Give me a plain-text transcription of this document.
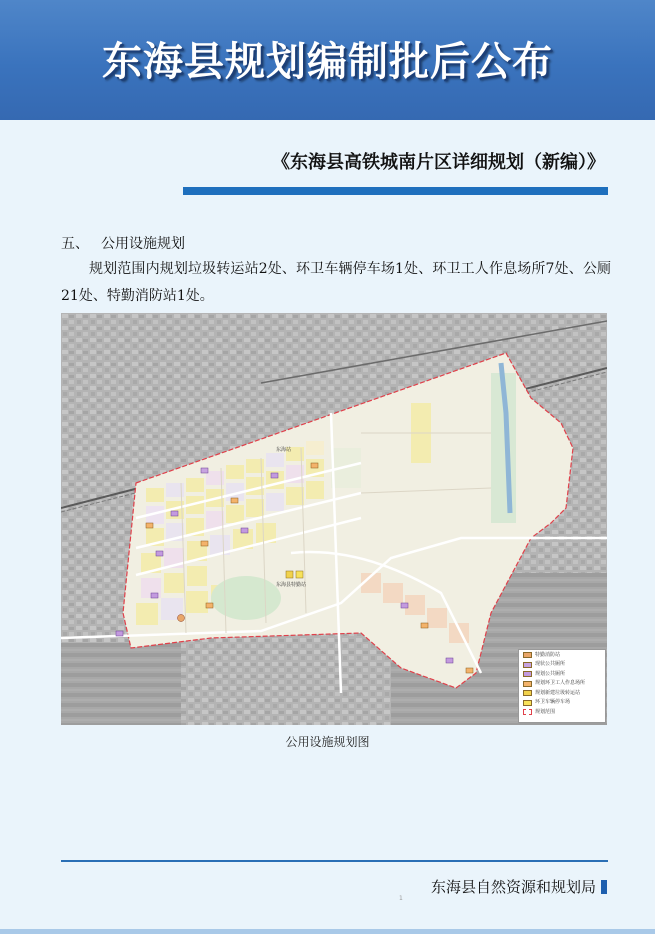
东海县规划编制批后公布
《东海县高铁城南片区详细规划（新编）》
五、 公用设施规划
规划范围内规划垃圾转运站2处、环卫车辆停车场1处、环卫工人作息场所7处、公厕21处、特勤消防站1处。
东海站
东海县特勤站
特勤消防站
现状公共厕所
规划公共厕所
规划环卫工人作息场所
规划新建垃圾转运站
环卫车辆停车场
规划范围
公用设施规划图
东海县自然资源和规划局
1
